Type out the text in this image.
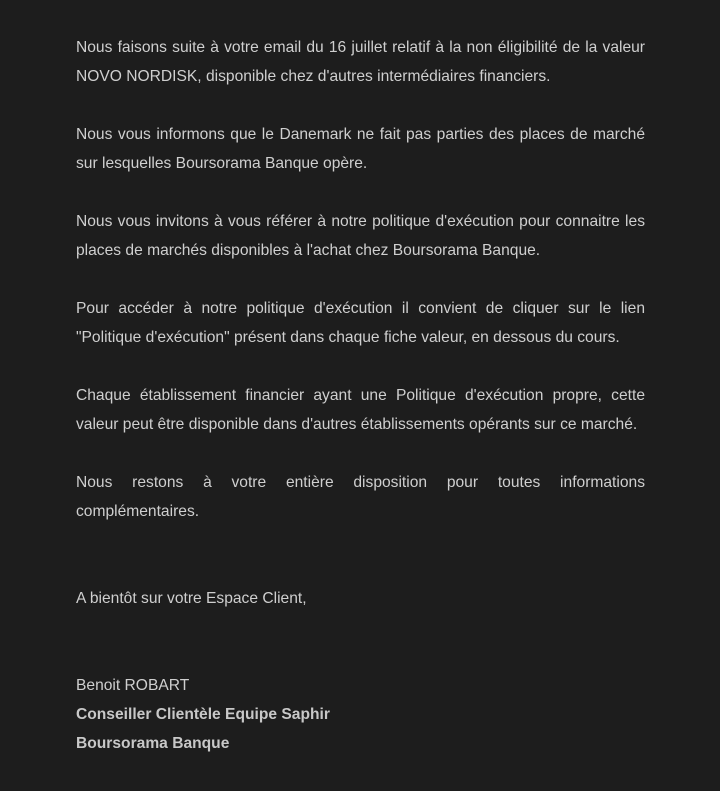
Nous faisons suite à votre email du 16 juillet relatif à la non éligibilité de la valeur NOVO NORDISK, disponible chez d'autres intermédiaires financiers.

Nous vous informons que le Danemark ne fait pas parties des places de marché sur lesquelles Boursorama Banque opère.

Nous vous invitons à vous référer à notre politique d'exécution pour connaitre les places de marchés disponibles à l'achat chez Boursorama Banque.

Pour accéder à notre politique d'exécution il convient de cliquer sur le lien "Politique d'exécution" présent dans chaque fiche valeur, en dessous du cours.

Chaque établissement financier ayant une Politique d'exécution propre, cette valeur peut être disponible dans d'autres établissements opérants sur ce marché.

Nous restons à votre entière disposition pour toutes informations complémentaires.

A bientôt sur votre Espace Client,

Benoit ROBART

Conseiller Clientèle Equipe Saphir

Boursorama Banque
